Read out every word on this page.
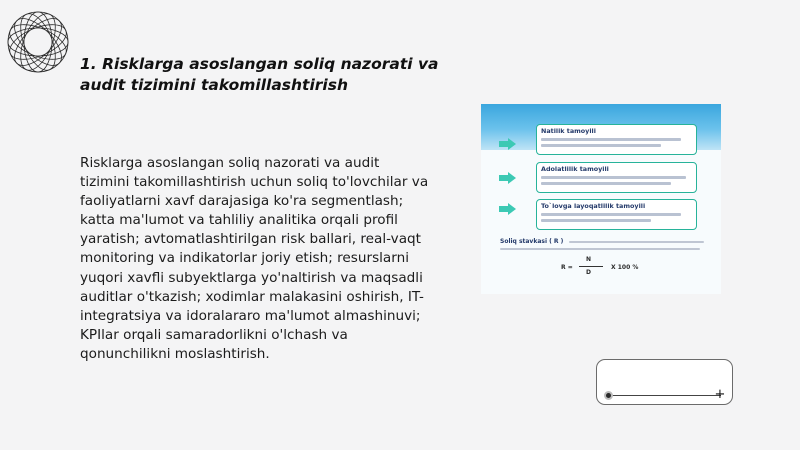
1. Risklarga asoslangan soliq nazorati va audit tizimini takomillashtirish
Risklarga asoslangan soliq nazorati va audit tizimini takomillashtirish uchun soliq to'lovchilar va faoliyatlarni xavf darajasiga ko'ra segmentlash; katta ma'lumot va tahliliy analitika orqali profil yaratish; avtomatlashtirilgan risk ballari, real-vaqt monitoring va indikatorlar joriy etish; resurslarni yuqori xavfli subyektlarga yo'naltirish va maqsadli auditlar o'tkazish; xodimlar malakasini oshirish, IT-integratsiya va idoralararo ma'lumot almashinuvi; KPIlar orqali samaradorlikni o'lchash va qonunchilikni moslashtirish.
Natilik tamoyili
Adolatlilik tamoyili
To`lovga layoqatlilik tamoyili
Soliq stavkasi ( R )
R =
N
D
X 100 %
+
